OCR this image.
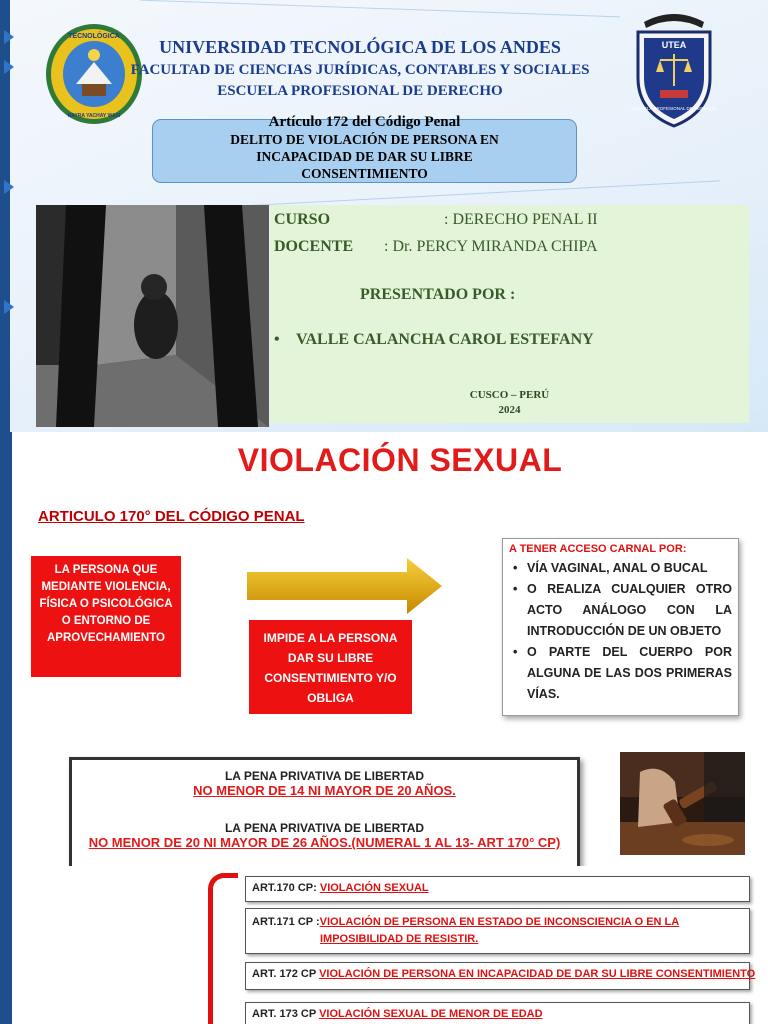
TECNOLÓGICA
NAYRA YACHAY WASI
UTEA
ESCUELA PROFESIONAL DE DERECHO
UNIVERSIDAD TECNOLÓGICA DE LOS ANDES
FACULTAD DE CIENCIAS JURÍDICAS, CONTABLES Y SOCIALES
ESCUELA PROFESIONAL DE DERECHO
Artículo 172 del Código Penal
DELITO DE VIOLACIÓN DE PERSONA EN
INCAPACIDAD DE DAR SU LIBRE
CONSENTIMIENTO
CURSO	: DERECHO PENAL II
DOCENTE : Dr. PERCY MIRANDA CHIPA
PRESENTADO POR :
• VALLE CALANCHA CAROL ESTEFANY
CUSCO – PERÚ
2024
VIOLACIÓN SEXUAL
ARTICULO 170° DEL CÓDIGO PENAL
LA PERSONA QUE MEDIANTE VIOLENCIA, FÍSICA O PSICOLÓGICA O ENTORNO DE APROVECHAMIENTO	IMPIDE A LA PERSONA DAR SU LIBRE CONSENTIMIENTO Y/O OBLIGA
A TENER ACCESO CARNAL POR:
• VÍA VAGINAL, ANAL O BUCAL
• O REALIZA CUALQUIER OTRO ACTO ANÁLOGO CON LA INTRODUCCIÓN DE UN OBJETO
• O PARTE DEL CUERPO POR ALGUNA DE LAS DOS PRIMERAS VÍAS.
LA PENA PRIVATIVA DE LIBERTAD
NO MENOR DE 14 NI MAYOR DE 20 AÑOS.
LA PENA PRIVATIVA DE LIBERTAD
NO MENOR DE 20 NI MAYOR DE 26 AÑOS.(NUMERAL 1 AL 13- ART 170° CP)
ART.170 CP: VIOLACIÓN SEXUAL
ART.171 CP :VIOLACIÓN DE PERSONA EN ESTADO DE INCONSCIENCIA O EN LA
IMPOSIBILIDAD DE RESISTIR.
ART. 172 CP VIOLACIÓN DE PERSONA EN INCAPACIDAD DE DAR SU LIBRE CONSENTIMIENTO
ART. 173 CP VIOLACIÓN SEXUAL DE MENOR DE EDAD
